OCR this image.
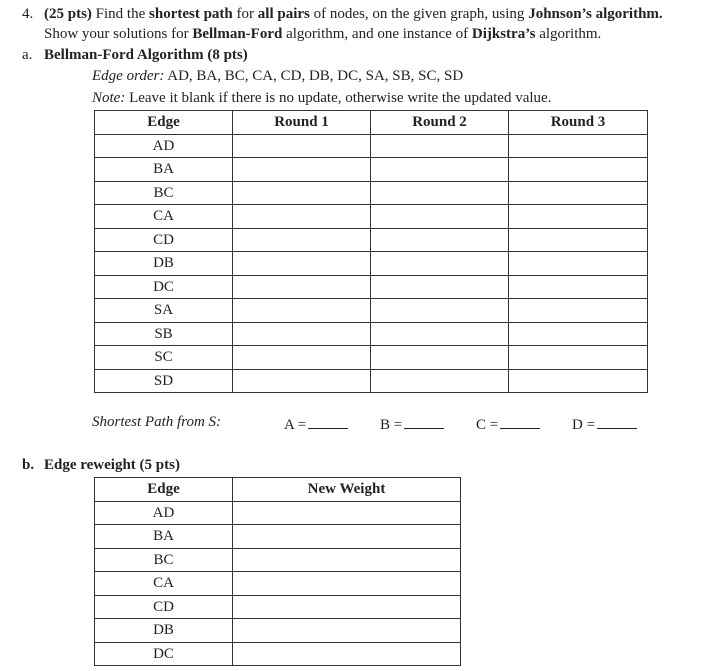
4. (25 pts) Find the shortest path for all pairs of nodes, on the given graph, using Johnson’s algorithm.
Show your solutions for Bellman-Ford algorithm, and one instance of Dijkstra’s algorithm.
a. Bellman-Ford Algorithm (8 pts)
Edge order: AD, BA, BC, CA, CD, DB, DC, SA, SB, SC, SD
Note: Leave it blank if there is no update, otherwise write the updated value.
Edge	Round 1	Round 2	Round 3
AD			
BA			
BC			
CA			
CD			
DB			
DC			
SA			
SB			
SC			
SD			
Shortest Path from S:	A =	B =	C =	D =
b. Edge reweight (5 pts)
Edge	New Weight
AD	
BA	
BC	
CA	
CD	
DB	
DC	
